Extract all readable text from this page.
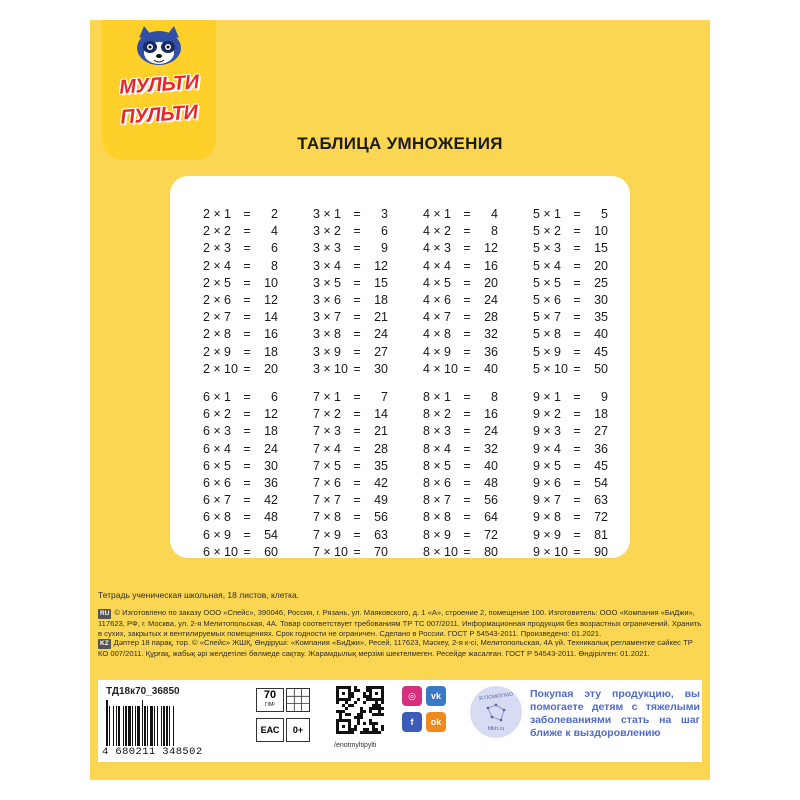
МУЛЬТИ
ПУЛЬТИ
ТАБЛИЦА УМНОЖЕНИЯ
2 × 1 = 2
2 × 2 = 4
2 × 3 = 6
2 × 4 = 8
2 × 5 = 10
2 × 6 = 12
2 × 7 = 14
2 × 8 = 16
2 × 9 = 18
2 × 10 = 20
3 × 1 = 3
3 × 2 = 6
3 × 3 = 9
3 × 4 = 12
3 × 5 = 15
3 × 6 = 18
3 × 7 = 21
3 × 8 = 24
3 × 9 = 27
3 × 10 = 30
4 × 1 = 4
4 × 2 = 8
4 × 3 = 12
4 × 4 = 16
4 × 5 = 20
4 × 6 = 24
4 × 7 = 28
4 × 8 = 32
4 × 9 = 36
4 × 10 = 40
5 × 1 = 5
5 × 2 = 10
5 × 3 = 15
5 × 4 = 20
5 × 5 = 25
5 × 6 = 30
5 × 7 = 35
5 × 8 = 40
5 × 9 = 45
5 × 10 = 50
6 × 1 = 6
6 × 2 = 12
6 × 3 = 18
6 × 4 = 24
6 × 5 = 30
6 × 6 = 36
6 × 7 = 42
6 × 8 = 48
6 × 9 = 54
6 × 10 = 60
7 × 1 = 7
7 × 2 = 14
7 × 3 = 21
7 × 4 = 28
7 × 5 = 35
7 × 6 = 42
7 × 7 = 49
7 × 8 = 56
7 × 9 = 63
7 × 10 = 70
8 × 1 = 8
8 × 2 = 16
8 × 3 = 24
8 × 4 = 32
8 × 5 = 40
8 × 6 = 48
8 × 7 = 56
8 × 8 = 64
8 × 9 = 72
8 × 10 = 80
9 × 1 = 9
9 × 2 = 18
9 × 3 = 27
9 × 4 = 36
9 × 5 = 45
9 × 6 = 54
9 × 7 = 63
9 × 8 = 72
9 × 9 = 81
9 × 10 = 90
Тетрадь ученическая школьная, 18 листов, клетка.
RU © Изготовлено по заказу ООО «Спейс», 390046, Россия, г. Рязань, ул. Маяковского, д. 1 «А», строение 2, помещение 100. Изготовитель: ООО «Компания «БиДжи», 117623, РФ, г. Москва, ул. 2-я Мелитопольская, 4А. Товар соответствует требованиям ТР ТС 007/2011. Информационная продукция без возрастных ограничений. Хранить в сухих, закрытых и вентилируемых помещениях. Срок годности не ограничен. Сделано в России. ГОСТ Р 54543-2011. Произведено: 01.2021.
KZ Дәптер 18 парақ, тор. © «Спейс» ЖШҚ, Өндіруші: «Компания «БиДжи», Ресей, 117623, Мәскеу, 2-я к-сі, Мелитопольская, 4А үй. Техникалық регламентке сәйкес ТР КО 007/2011. Құрғақ, жабық әрі желдетілеі бөлмеде сақтау. Жарамдылық мерзімі шектелмеген. Ресейде жасалған. ГОСТ Р 54543-2011. Өндірілген: 01.2021.
ТД18к70_36850
4 680211 348502
70
Г/М²
ЕАС	0+
◎	vk
f	ok
/enotmyltipylti
Я ПОМОГАЮ
bfkh.ru
Покупая эту продукцию, вы помогаете детям с тяжелыми заболеваниями стать на шаг ближе к выздоровлению
